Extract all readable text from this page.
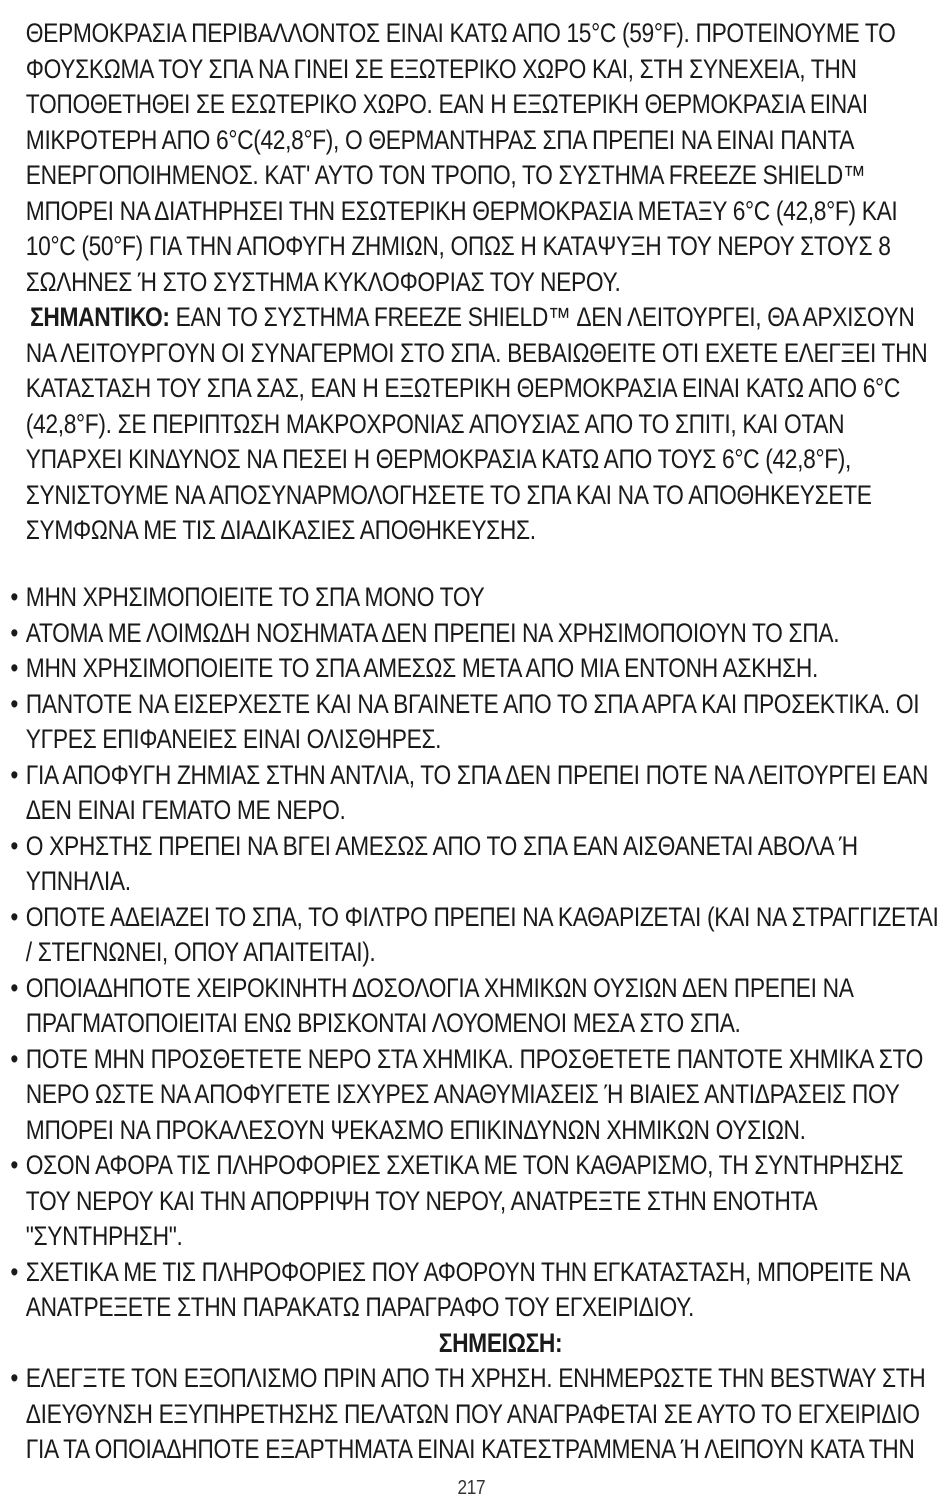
ΘΕΡΜΟΚΡΑΣΙΑ ΠΕΡΙΒΑΛΛΟΝΤΟΣ ΕΙΝΑΙ ΚΑΤΩ ΑΠΟ 15°C (59°F). ΠΡΟΤΕΙΝΟΥΜΕ ΤΟ
ΦΟΥΣΚΩΜΑ ΤΟΥ ΣΠΑ ΝΑ ΓΙΝΕΙ ΣΕ ΕΞΩΤΕΡΙΚΟ ΧΩΡΟ ΚΑΙ, ΣΤΗ ΣΥΝΕΧΕΙΑ, ΤΗΝ
ΤΟΠΟΘΕΤΗΘΕΙ ΣΕ ΕΣΩΤΕΡΙΚΟ ΧΩΡΟ. ΕΑΝ Η ΕΞΩΤΕΡΙΚΗ ΘΕΡΜΟΚΡΑΣΙΑ ΕΙΝΑΙ
ΜΙΚΡΟΤΕΡΗ ΑΠΟ 6°C(42,8°F), Ο ΘΕΡΜΑΝΤΗΡΑΣ ΣΠΑ ΠΡΕΠΕΙ ΝΑ ΕΙΝΑΙ ΠΑΝΤΑ
ΕΝΕΡΓΟΠΟΙΗΜΕΝΟΣ. ΚΑΤ' ΑΥΤΟ ΤΟΝ ΤΡΟΠΟ, ΤΟ ΣΥΣΤΗΜΑ FREEZE SHIELD™
ΜΠΟΡΕΙ ΝΑ ΔΙΑΤΗΡΗΣΕΙ ΤΗΝ ΕΣΩΤΕΡΙΚΗ ΘΕΡΜΟΚΡΑΣΙΑ ΜΕΤΑΞΥ 6°C (42,8°F) ΚΑΙ
10°C (50°F) ΓΙΑ ΤΗΝ ΑΠΟΦΥΓΗ ΖΗΜΙΩΝ, ΟΠΩΣ Η ΚΑΤΑΨΥΞΗ ΤΟΥ ΝΕΡΟΥ ΣΤΟΥΣ 8
ΣΩΛΗΝΕΣ Ή ΣΤΟ ΣΥΣΤΗΜΑ ΚΥΚΛΟΦΟΡΙΑΣ ΤΟΥ ΝΕΡΟΥ.
ΣΗΜΑΝΤΙΚΟ: ΕΑΝ ΤΟ ΣΥΣΤΗΜΑ FREEZE SHIELD™ ΔΕΝ ΛΕΙΤΟΥΡΓΕΙ, ΘΑ ΑΡΧΙΣΟΥΝ
ΝΑ ΛΕΙΤΟΥΡΓΟΥΝ ΟΙ ΣΥΝΑΓΕΡΜΟΙ ΣΤΟ ΣΠΑ. ΒΕΒΑΙΩΘΕΙΤΕ ΟΤΙ ΕΧΕΤΕ ΕΛΕΓΞΕΙ ΤΗΝ
ΚΑΤΑΣΤΑΣΗ ΤΟΥ ΣΠΑ ΣΑΣ, ΕΑΝ Η ΕΞΩΤΕΡΙΚΗ ΘΕΡΜΟΚΡΑΣΙΑ ΕΙΝΑΙ ΚΑΤΩ ΑΠΟ 6°C
(42,8°F). ΣΕ ΠΕΡΙΠΤΩΣΗ ΜΑΚΡΟΧΡΟΝΙΑΣ ΑΠΟΥΣΙΑΣ ΑΠΟ ΤΟ ΣΠΙΤΙ, ΚΑΙ ΟΤΑΝ
ΥΠΑΡΧΕΙ ΚΙΝΔΥΝΟΣ ΝΑ ΠΕΣΕΙ Η ΘΕΡΜΟΚΡΑΣΙΑ ΚΑΤΩ ΑΠΟ ΤΟΥΣ 6°C (42,8°F),
ΣΥΝΙΣΤΟΥΜΕ ΝΑ ΑΠΟΣΥΝΑΡΜΟΛΟΓΗΣΕΤΕ ΤΟ ΣΠΑ ΚΑΙ ΝΑ ΤΟ ΑΠΟΘΗΚΕΥΣΕΤΕ
ΣΥΜΦΩΝΑ ΜΕ ΤΙΣ ΔΙΑΔΙΚΑΣΙΕΣ ΑΠΟΘΗΚΕΥΣΗΣ.
• ΜΗΝ ΧΡΗΣΙΜΟΠΟΙΕΙΤΕ ΤΟ ΣΠΑ ΜΟΝΟ ΤΟΥ
• ΑΤΟΜΑ ΜΕ ΛΟΙΜΩΔΗ ΝΟΣΗΜΑΤΑ ΔΕΝ ΠΡΕΠΕΙ ΝΑ ΧΡΗΣΙΜΟΠΟΙΟΥΝ ΤΟ ΣΠΑ.
• ΜΗΝ ΧΡΗΣΙΜΟΠΟΙΕΙΤΕ ΤΟ ΣΠΑ ΑΜΕΣΩΣ ΜΕΤΑ ΑΠΟ ΜΙΑ ΕΝΤΟΝΗ ΑΣΚΗΣΗ.
• ΠΑΝΤΟΤΕ ΝΑ ΕΙΣΕΡΧΕΣΤΕ ΚΑΙ ΝΑ ΒΓΑΙΝΕΤΕ ΑΠΟ ΤΟ ΣΠΑ ΑΡΓΑ ΚΑΙ ΠΡΟΣΕΚΤΙΚΑ. ΟΙ
ΥΓΡΕΣ ΕΠΙΦΑΝΕΙΕΣ ΕΙΝΑΙ ΟΛΙΣΘΗΡΕΣ.
• ΓΙΑ ΑΠΟΦΥΓΗ ΖΗΜΙΑΣ ΣΤΗΝ ΑΝΤΛΙΑ, ΤΟ ΣΠΑ ΔΕΝ ΠΡΕΠΕΙ ΠΟΤΕ ΝΑ ΛΕΙΤΟΥΡΓΕΙ ΕΑΝ
ΔΕΝ ΕΙΝΑΙ ΓΕΜΑΤΟ ΜΕ ΝΕΡΟ.
• Ο ΧΡΗΣΤΗΣ ΠΡΕΠΕΙ ΝΑ ΒΓΕΙ ΑΜΕΣΩΣ ΑΠΟ ΤΟ ΣΠΑ ΕΑΝ ΑΙΣΘΑΝΕΤΑΙ ΑΒΟΛΑ Ή
ΥΠΝΗΛΙΑ.
• ΟΠΟΤΕ ΑΔΕΙΑΖΕΙ ΤΟ ΣΠΑ, ΤΟ ΦΙΛΤΡΟ ΠΡΕΠΕΙ ΝΑ ΚΑΘΑΡΙΖΕΤΑΙ (ΚΑΙ ΝΑ ΣΤΡΑΓΓΙΖΕΤΑΙ
/ ΣΤΕΓΝΩΝΕΙ, ΟΠΟΥ ΑΠΑΙΤΕΙΤΑΙ).
• ΟΠΟΙΑΔΗΠΟΤΕ ΧΕΙΡΟΚΙΝΗΤΗ ΔΟΣΟΛΟΓΙΑ ΧΗΜΙΚΩΝ ΟΥΣΙΩΝ ΔΕΝ ΠΡΕΠΕΙ ΝΑ
ΠΡΑΓΜΑΤΟΠΟΙΕΙΤΑΙ ΕΝΩ ΒΡΙΣΚΟΝΤΑΙ ΛΟΥΟΜΕΝΟΙ ΜΕΣΑ ΣΤΟ ΣΠΑ.
• ΠΟΤΕ ΜΗΝ ΠΡΟΣΘΕΤΕΤΕ ΝΕΡΟ ΣΤΑ ΧΗΜΙΚΑ. ΠΡΟΣΘΕΤΕΤΕ ΠΑΝΤΟΤΕ ΧΗΜΙΚΑ ΣΤΟ
ΝΕΡΟ ΩΣΤΕ ΝΑ ΑΠΟΦΥΓΕΤΕ ΙΣΧΥΡΕΣ ΑΝΑΘΥΜΙΑΣΕΙΣ Ή ΒΙΑΙΕΣ ΑΝΤΙΔΡΑΣΕΙΣ ΠΟΥ
ΜΠΟΡΕΙ ΝΑ ΠΡΟΚΑΛΕΣΟΥΝ ΨΕΚΑΣΜΟ ΕΠΙΚΙΝΔΥΝΩΝ ΧΗΜΙΚΩΝ ΟΥΣΙΩΝ.
• ΟΣΟΝ ΑΦΟΡΑ ΤΙΣ ΠΛΗΡΟΦΟΡΙΕΣ ΣΧΕΤΙΚΑ ΜΕ ΤΟΝ ΚΑΘΑΡΙΣΜΟ, ΤΗ ΣΥΝΤΗΡΗΣΗΣ
ΤΟΥ ΝΕΡΟΥ ΚΑΙ ΤΗΝ ΑΠΟΡΡΙΨΗ ΤΟΥ ΝΕΡΟΥ, ΑΝΑΤΡΕΞΤΕ ΣΤΗΝ ΕΝΟΤΗΤΑ
"ΣΥΝΤΗΡΗΣΗ".
• ΣΧΕΤΙΚΑ ΜΕ ΤΙΣ ΠΛΗΡΟΦΟΡΙΕΣ ΠΟΥ ΑΦΟΡΟΥΝ ΤΗΝ ΕΓΚΑΤΑΣΤΑΣΗ, ΜΠΟΡΕΙΤΕ ΝΑ
ΑΝΑΤΡΕΞΕΤΕ ΣΤΗΝ ΠΑΡΑΚΑΤΩ ΠΑΡΑΓΡΑΦΟ ΤΟΥ ΕΓΧΕΙΡΙΔΙΟΥ.
ΣΗΜΕΙΩΣΗ:
• ΕΛΕΓΞΤΕ ΤΟΝ ΕΞΟΠΛΙΣΜΟ ΠΡΙΝ ΑΠΟ ΤΗ ΧΡΗΣΗ. ΕΝΗΜΕΡΩΣΤΕ ΤΗΝ BESTWAY ΣΤΗ
ΔΙΕΥΘΥΝΣΗ ΕΞΥΠΗΡΕΤΗΣΗΣ ΠΕΛΑΤΩΝ ΠΟΥ ΑΝΑΓΡΑΦΕΤΑΙ ΣΕ ΑΥΤΟ ΤΟ ΕΓΧΕΙΡΙΔΙΟ
ΓΙΑ ΤΑ ΟΠΟΙΑΔΗΠΟΤΕ ΕΞΑΡΤΗΜΑΤΑ ΕΙΝΑΙ ΚΑΤΕΣΤΡΑΜΜΕΝΑ Ή ΛΕΙΠΟΥΝ ΚΑΤΑ ΤΗΝ
217
